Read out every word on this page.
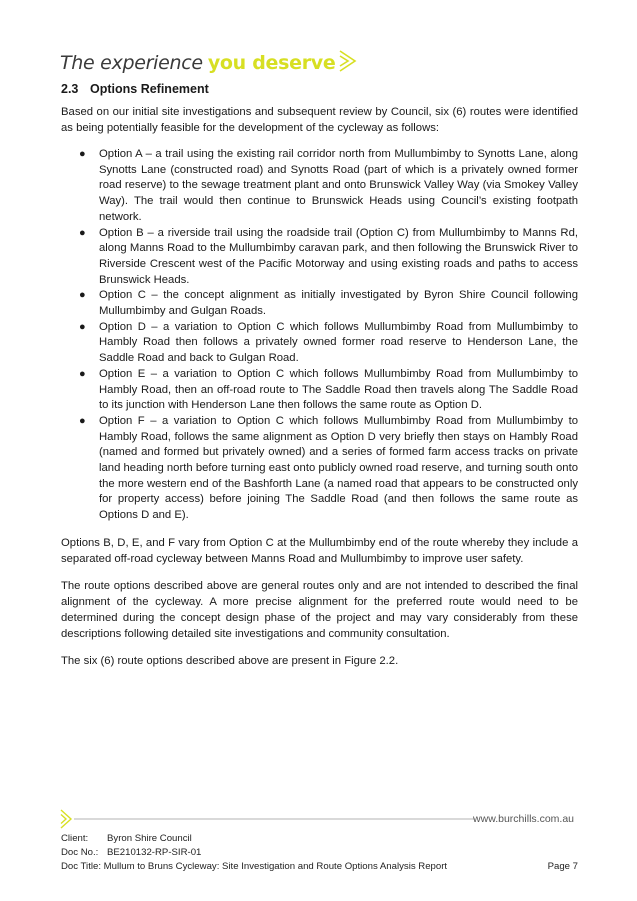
The experience you deserve
2.3 Options Refinement

Based on our initial site investigations and subsequent review by Council, six (6) routes were identified as being potentially feasible for the development of the cycleway as follows:

● Option A – a trail using the existing rail corridor north from Mullumbimby to Synotts Lane, along Synotts Lane (constructed road) and Synotts Road (part of which is a privately owned former road reserve) to the sewage treatment plant and onto Brunswick Valley Way (via Smokey Valley Way). The trail would then continue to Brunswick Heads using Council’s existing footpath network.
● Option B – a riverside trail using the roadside trail (Option C) from Mullumbimby to Manns Rd, along Manns Road to the Mullumbimby caravan park, and then following the Brunswick River to Riverside Crescent west of the Pacific Motorway and using existing roads and paths to access Brunswick Heads.
● Option C – the concept alignment as initially investigated by Byron Shire Council following Mullumbimby and Gulgan Roads.
● Option D – a variation to Option C which follows Mullumbimby Road from Mullumbimby to Hambly Road then follows a privately owned former road reserve to Henderson Lane, the Saddle Road and back to Gulgan Road.
● Option E – a variation to Option C which follows Mullumbimby Road from Mullumbimby to Hambly Road, then an off-road route to The Saddle Road then travels along The Saddle Road to its junction with Henderson Lane then follows the same route as Option D.
● Option F – a variation to Option C which follows Mullumbimby Road from Mullumbimby to Hambly Road, follows the same alignment as Option D very briefly then stays on Hambly Road (named and formed but privately owned) and a series of formed farm access tracks on private land heading north before turning east onto publicly owned road reserve, and turning south onto the more western end of the Bashforth Lane (a named road that appears to be constructed only for property access) before joining The Saddle Road (and then follows the same route as Options D and E).

Options B, D, E, and F vary from Option C at the Mullumbimby end of the route whereby they include a separated off-road cycleway between Manns Road and Mullumbimby to improve user safety.

The route options described above are general routes only and are not intended to described the final alignment of the cycleway. A more precise alignment for the preferred route would need to be determined during the concept design phase of the project and may vary considerably from these descriptions following detailed site investigations and community consultation.

The six (6) route options described above are present in Figure 2.2.

www.burchills.com.au
Client:	Byron Shire Council
Doc No.: BE210132-RP-SIR-01
Doc Title: Mullum to Bruns Cycleway: Site Investigation and Route Options Analysis Report	Page 7
